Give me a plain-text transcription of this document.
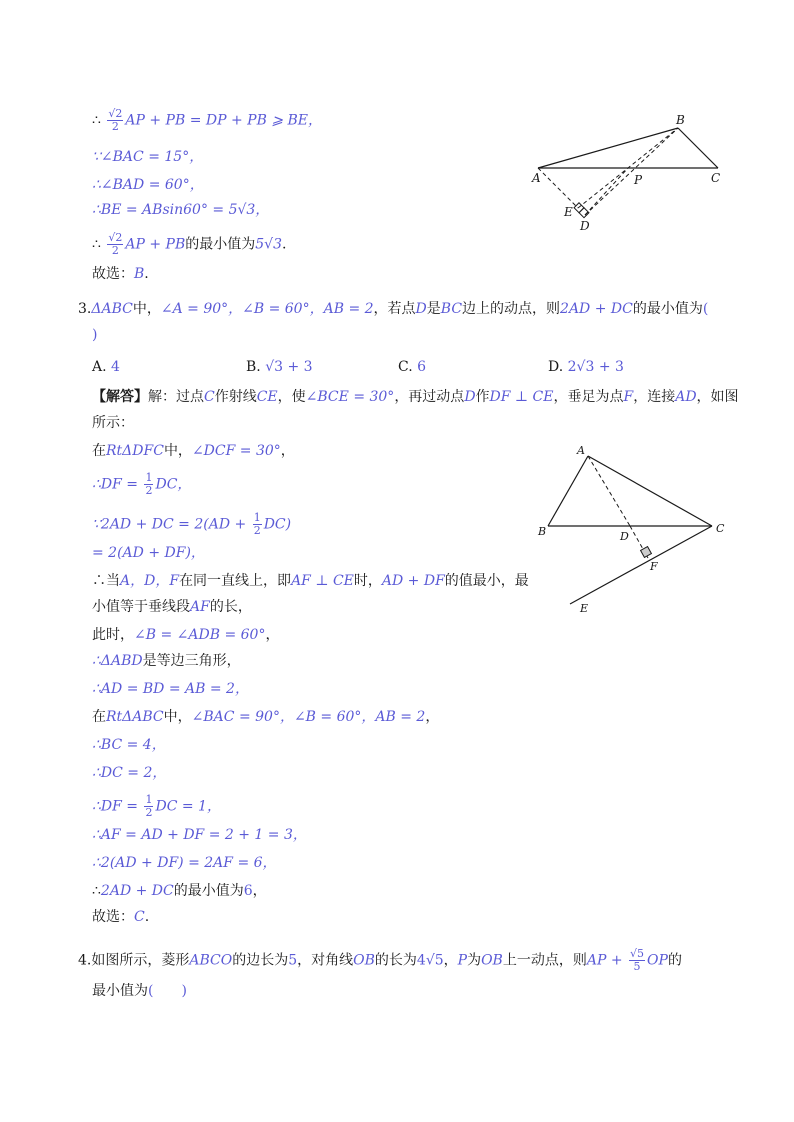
∴ $\frac{√2}{2}$ AP + PB = DP + PB ⩾ BE，
∵∠BAC = 15°，
∴∠BAD = 60°，
∴BE = ABsin60° = 5√3，
∴ $\frac{√2}{2}$ AP + PB的最小值为5√3.
故选：B.
B
A	P	C
E
D
3.ΔABC中，∠A = 90°，∠B = 60°，AB = 2，若点D是BC边上的动点，则2AD + DC的最小值为(
)
A. 4	B. √3 + 3	C. 6	D. 2√3 + 3
【解答】解：过点C作射线CE，使∠BCE = 30°，再过动点D作DF ⊥ CE，垂足为点F，连接AD，如图
所示：
在RtΔDFC中，∠DCF = 30°，
∴DF = $\frac{1}{2}$ DC，
∵2AD + DC = $2(AD + \frac{1}{2} DC)$
= 2(AD + DF)，
∴当A，D，F在同一直线上，即AF ⊥ CE时，AD + DF的值最小，最
小值等于垂线段AF的长，
此时，∠B = ∠ADB = 60°，
∴ΔABD是等边三角形，
∴AD = BD = AB = 2，
在RtΔABC中，∠BAC = 90°，∠B = 60°，AB = 2，
∴BC = 4，
∴DC = 2，
∴DF = $\frac{1}{2}$ DC = 1，
∴AF = AD + DF = 2 + 1 = 3，
∴2(AD + DF) = 2AF = 6，
∴2AD + DC的最小值为6，
故选：C.
A
B	D
C
F
E
4.如图所示，菱形ABCO的边长为5，对角线OB的长为4√5，P为OB上一动点，则AP + $\frac{√5}{5}$ OP的
最小值为(　　)
